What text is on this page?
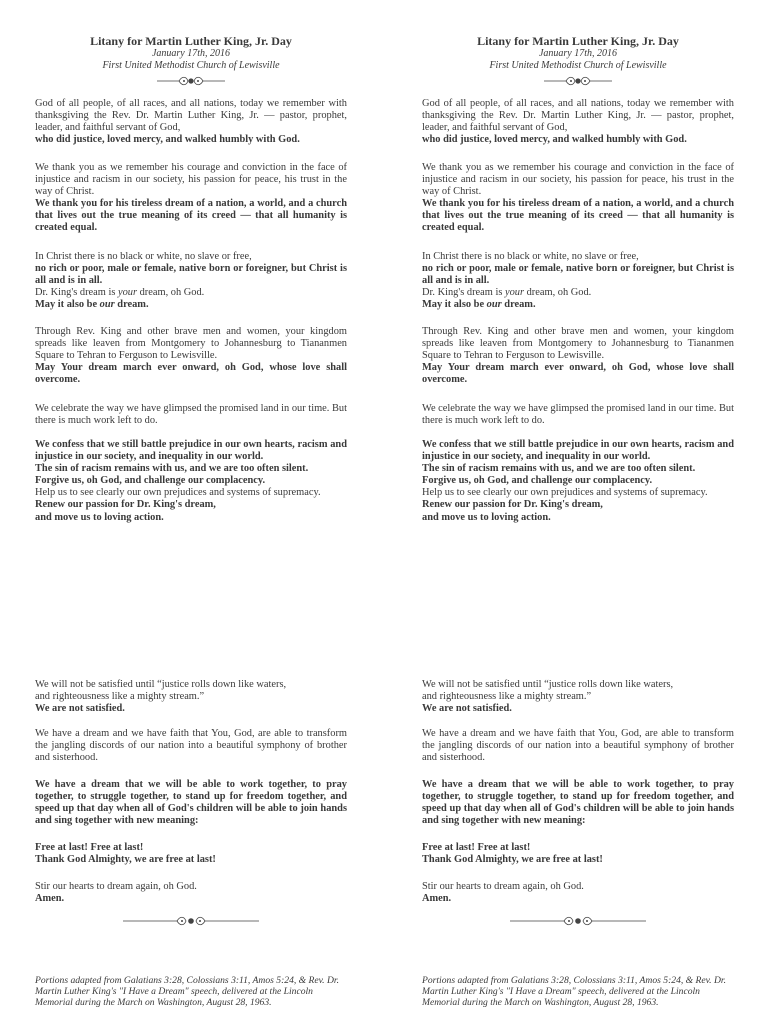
Litany for Martin Luther King, Jr. Day
January 17th, 2016
First United Methodist Church of Lewisville

God of all people, of all races, and all nations, today we remember with thanksgiving the Rev. Dr. Martin Luther King, Jr. — pastor, prophet, leader, and faithful servant of God,
who did justice, loved mercy, and walked humbly with God.

We thank you as we remember his courage and conviction in the face of injustice and racism in our society, his passion for peace, his trust in the way of Christ.
We thank you for his tireless dream of a nation, a world, and a church that lives out the true meaning of its creed — that all humanity is created equal.

In Christ there is no black or white, no slave or free,
no rich or poor, male or female, native born or foreigner, but Christ is all and is in all.
Dr. King's dream is your dream, oh God.
May it also be our dream.

Through Rev. King and other brave men and women, your kingdom spreads like leaven from Montgomery to Johannesburg to Tiananmen Square to Tehran to Ferguson to Lewisville.
May Your dream march ever onward, oh God, whose love shall overcome.

We celebrate the way we have glimpsed the promised land in our time. But there is much work left to do.

We confess that we still battle prejudice in our own hearts, racism and injustice in our society, and inequality in our world.
The sin of racism remains with us, and we are too often silent.
Forgive us, oh God, and challenge our complacency.
Help us to see clearly our own prejudices and systems of supremacy.
Renew our passion for Dr. King's dream,
and move us to loving action.

We will not be satisfied until “justice rolls down like waters,
and righteousness like a mighty stream.”
We are not satisfied.

We have a dream and we have faith that You, God, are able to transform the jangling discords of our nation into a beautiful symphony of brother and sisterhood.

We have a dream that we will be able to work together, to pray together, to struggle together, to stand up for freedom together, and speed up that day when all of God's children will be able to join hands and sing together with new meaning:

Free at last! Free at last!
Thank God Almighty, we are free at last!

Stir our hearts to dream again, oh God.
Amen.

Portions adapted from Galatians 3:28, Colossians 3:11, Amos 5:24, & Rev. Dr. Martin Luther King's "I Have a Dream" speech, delivered at the Lincoln Memorial during the March on Washington, August 28, 1963.

Litany for Martin Luther King, Jr. Day
January 17th, 2016
First United Methodist Church of Lewisville

God of all people, of all races, and all nations, today we remember with thanksgiving the Rev. Dr. Martin Luther King, Jr. — pastor, prophet, leader, and faithful servant of God,
who did justice, loved mercy, and walked humbly with God.

We thank you as we remember his courage and conviction in the face of injustice and racism in our society, his passion for peace, his trust in the way of Christ.
We thank you for his tireless dream of a nation, a world, and a church that lives out the true meaning of its creed — that all humanity is created equal.

In Christ there is no black or white, no slave or free,
no rich or poor, male or female, native born or foreigner, but Christ is all and is in all.
Dr. King's dream is your dream, oh God.
May it also be our dream.

Through Rev. King and other brave men and women, your kingdom spreads like leaven from Montgomery to Johannesburg to Tiananmen Square to Tehran to Ferguson to Lewisville.
May Your dream march ever onward, oh God, whose love shall overcome.

We celebrate the way we have glimpsed the promised land in our time. But there is much work left to do.

We confess that we still battle prejudice in our own hearts, racism and injustice in our society, and inequality in our world.
The sin of racism remains with us, and we are too often silent.
Forgive us, oh God, and challenge our complacency.
Help us to see clearly our own prejudices and systems of supremacy.
Renew our passion for Dr. King's dream,
and move us to loving action.

We will not be satisfied until “justice rolls down like waters,
and righteousness like a mighty stream.”
We are not satisfied.

We have a dream and we have faith that You, God, are able to transform the jangling discords of our nation into a beautiful symphony of brother and sisterhood.

We have a dream that we will be able to work together, to pray together, to struggle together, to stand up for freedom together, and speed up that day when all of God's children will be able to join hands and sing together with new meaning:

Free at last! Free at last!
Thank God Almighty, we are free at last!

Stir our hearts to dream again, oh God.
Amen.

Portions adapted from Galatians 3:28, Colossians 3:11, Amos 5:24, & Rev. Dr. Martin Luther King's "I Have a Dream" speech, delivered at the Lincoln Memorial during the March on Washington, August 28, 1963.
